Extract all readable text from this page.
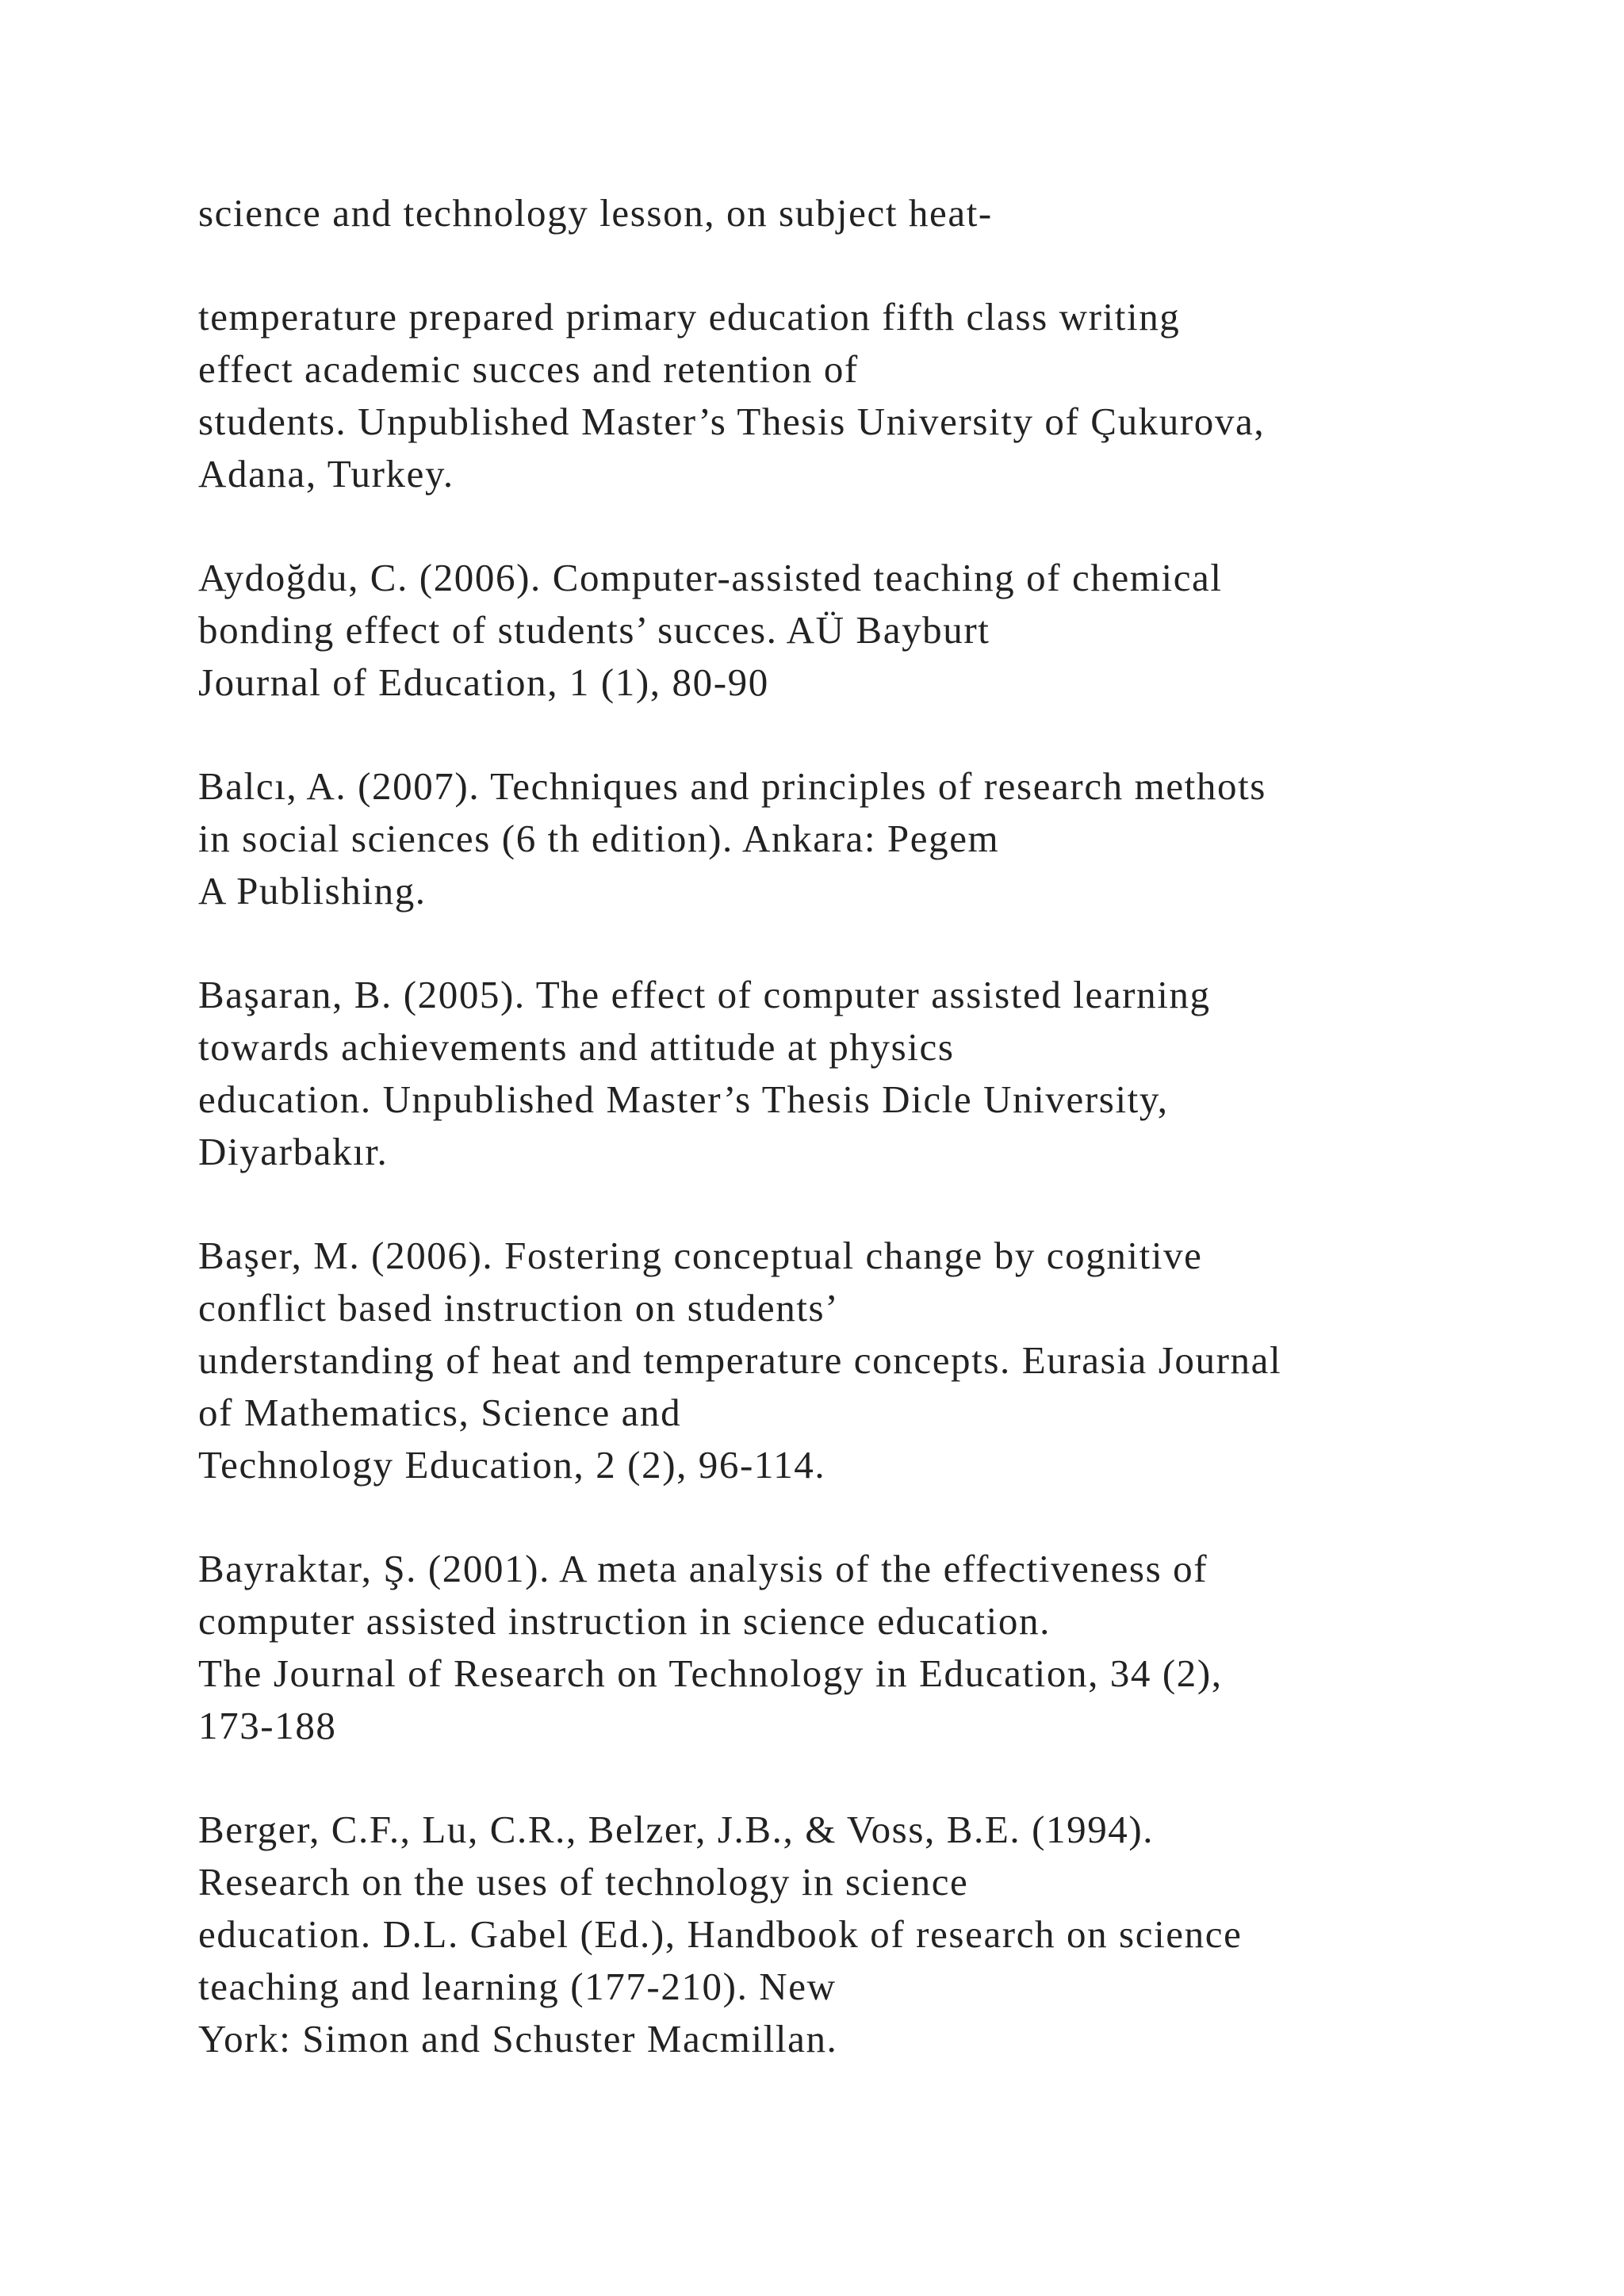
science and technology lesson, on subject heat-
temperature prepared primary education fifth class writing
effect academic succes and retention of
students. Unpublished Master’s Thesis University of Çukurova,
Adana, Turkey.
Aydoğdu, C. (2006). Computer-assisted teaching of chemical
bonding effect of students’ succes. AÜ Bayburt
Journal of Education, 1 (1), 80-90
Balcı, A. (2007). Techniques and principles of research methots
in social sciences (6 th edition). Ankara: Pegem
A Publishing.
Başaran, B. (2005). The effect of computer assisted learning
towards achievements and attitude at physics
education. Unpublished Master’s Thesis Dicle University,
Diyarbakır.
Başer, M. (2006). Fostering conceptual change by cognitive
conflict based instruction on students’
understanding of heat and temperature concepts. Eurasia Journal
of Mathematics, Science and
Technology Education, 2 (2), 96-114.
Bayraktar, Ş. (2001). A meta analysis of the effectiveness of
computer assisted instruction in science education.
The Journal of Research on Technology in Education, 34 (2),
173-188
Berger, C.F., Lu, C.R., Belzer, J.B., & Voss, B.E. (1994).
Research on the uses of technology in science
education. D.L. Gabel (Ed.), Handbook of research on science
teaching and learning (177-210). New
York: Simon and Schuster Macmillan.
